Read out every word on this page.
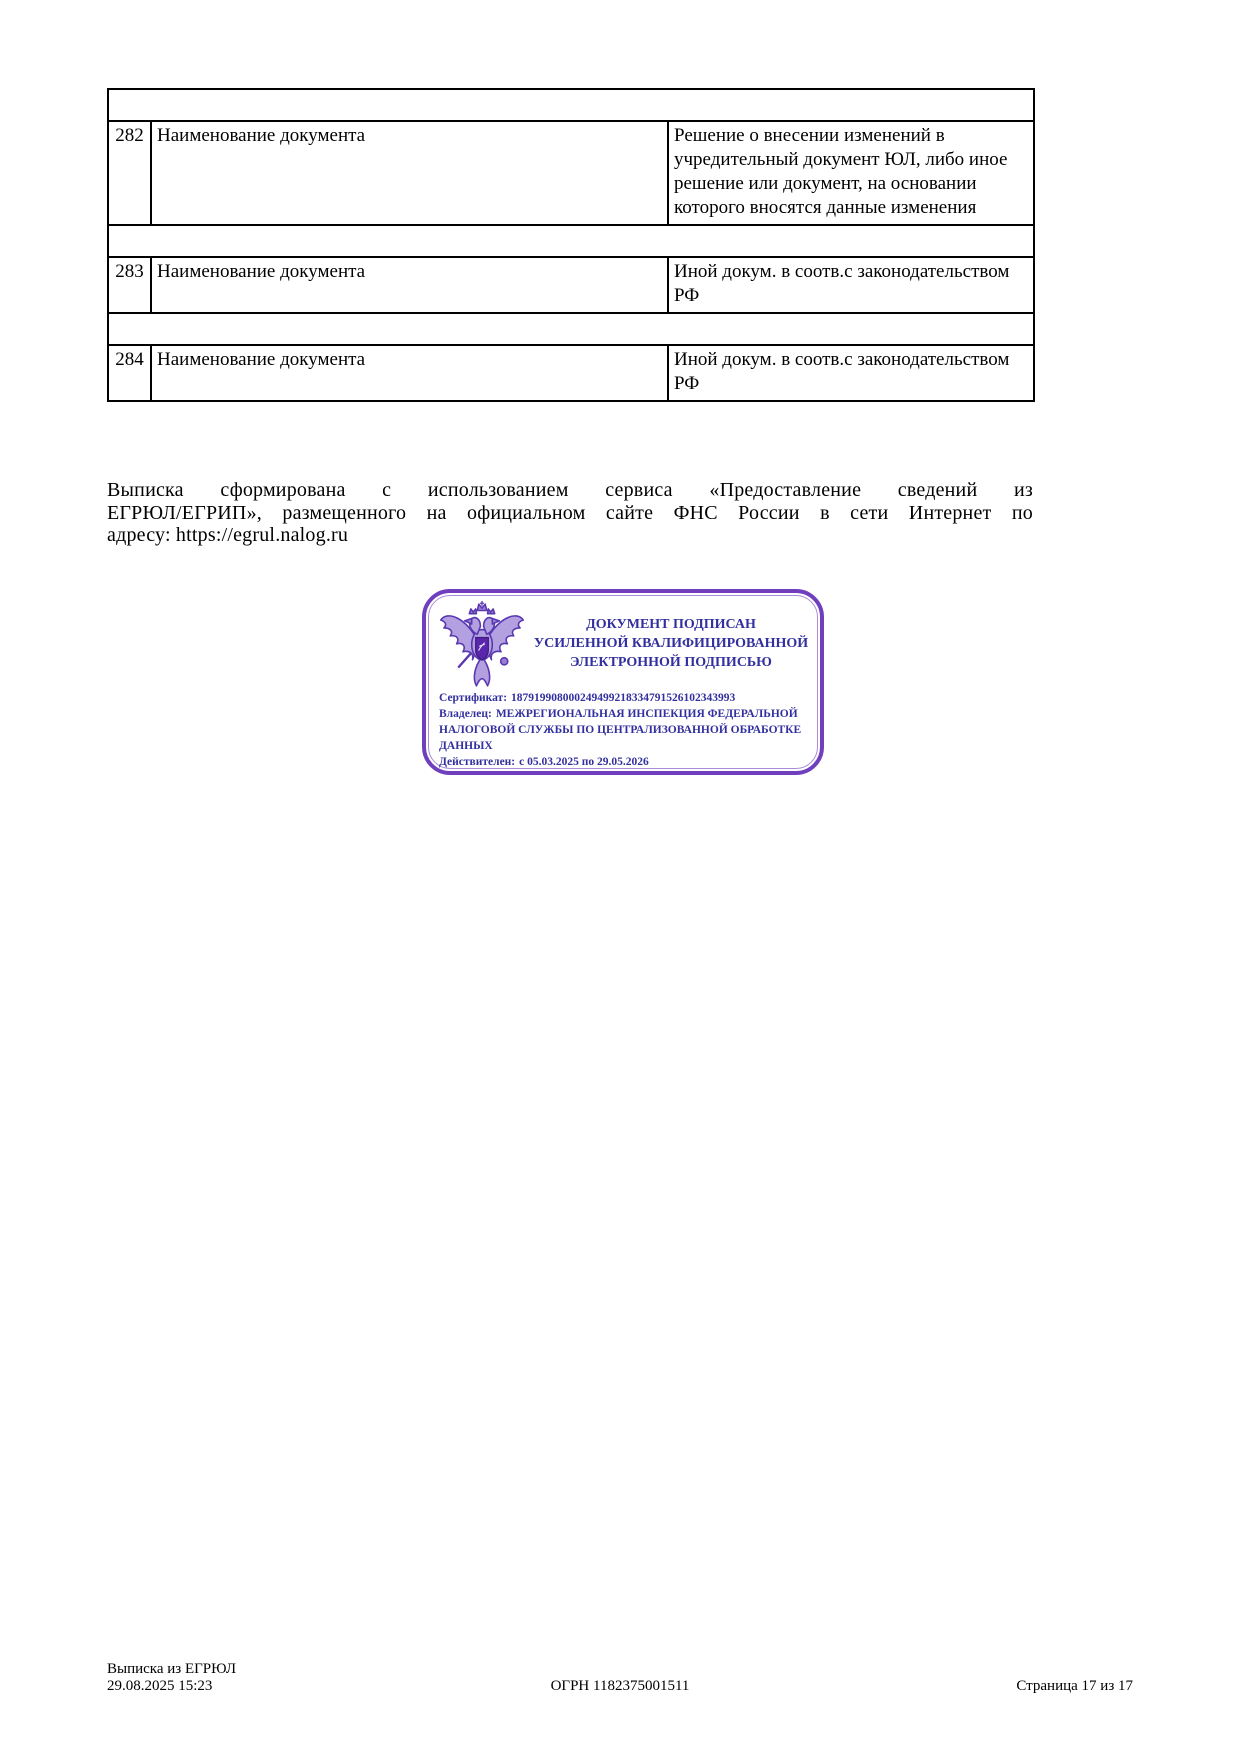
282	Наименование документа	Решение о внесении изменений в учредительный документ ЮЛ, либо иное решение или документ, на основании которого вносятся данные изменения

283	Наименование документа	Иной докум. в соотв.с законодательством РФ

284	Наименование документа	Иной докум. в соотв.с законодательством РФ
Выписка сформирована с использованием сервиса «Предоставление сведений из
ЕГРЮЛ/ЕГРИП», размещенного на официальном сайте ФНС России в сети Интернет по
адресу: https://egrul.nalog.ru
ДОКУМЕНТ ПОДПИСАН
УСИЛЕННОЙ КВАЛИФИЦИРОВАННОЙ
ЭЛЕКТРОННОЙ ПОДПИСЬЮ
Сертификат: 187919908000249499218334791526102343993
Владелец: МЕЖРЕГИОНАЛЬНАЯ ИНСПЕКЦИЯ ФЕДЕРАЛЬНОЙ НАЛОГОВОЙ СЛУЖБЫ ПО ЦЕНТРАЛИЗОВАННОЙ ОБРАБОТКЕ ДАННЫХ
Действителен: с 05.03.2025 по 29.05.2026
Выписка из ЕГРЮЛ
29.08.2025 15:23	ОГРН 1182375001511	Страница 17 из 17
